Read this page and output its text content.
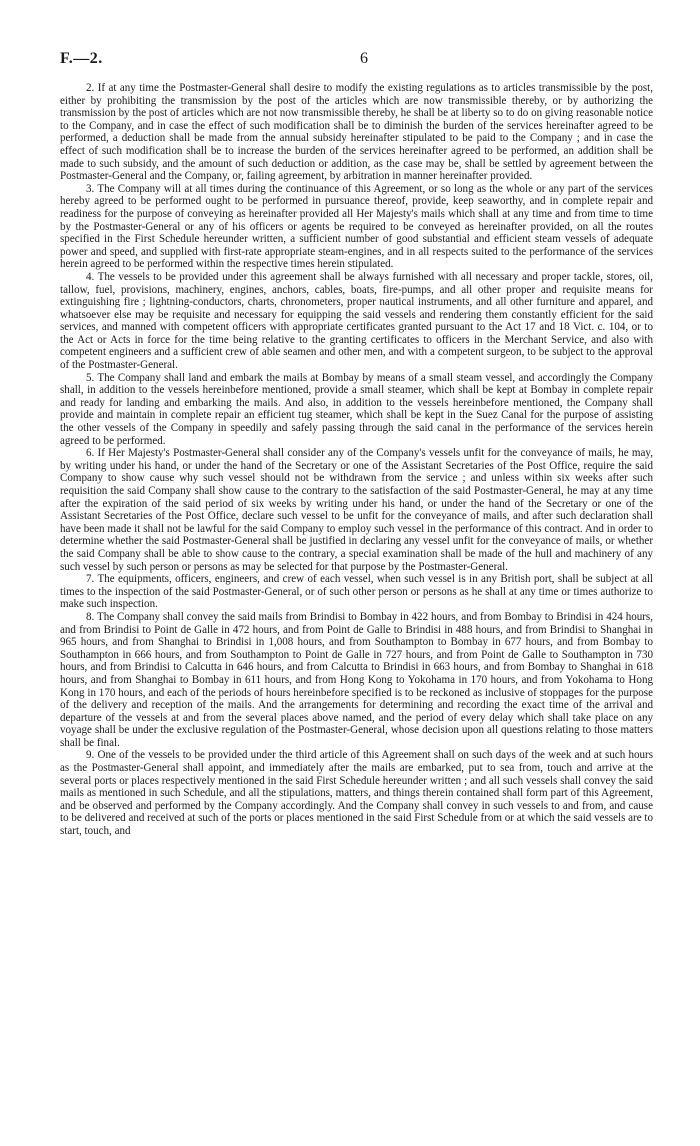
F.—2.	6

2. If at any time the Postmaster-General shall desire to modify the existing regulations as to articles transmissible by the post, either by prohibiting the transmission by the post of the articles which are now transmissible thereby, or by authorizing the transmission by the post of articles which are not now transmissible thereby, he shall be at liberty so to do on giving reasonable notice to the Company, and in case the effect of such modification shall be to diminish the burden of the services hereinafter agreed to be performed, a deduction shall be made from the annual subsidy hereinafter stipulated to be paid to the Company ; and in case the effect of such modification shall be to increase the burden of the services hereinafter agreed to be performed, an addition shall be made to such subsidy, and the amount of such deduction or addition, as the case may be, shall be settled by agreement between the Postmaster-General and the Company, or, failing agreement, by arbitration in manner hereinafter provided.

3. The Company will at all times during the continuance of this Agreement, or so long as the whole or any part of the services hereby agreed to be performed ought to be performed in pursuance thereof, provide, keep seaworthy, and in complete repair and readiness for the purpose of conveying as hereinafter provided all Her Majesty's mails which shall at any time and from time to time by the Postmaster-General or any of his officers or agents be required to be conveyed as hereinafter provided, on all the routes specified in the First Schedule hereunder written, a sufficient number of good substantial and efficient steam vessels of adequate power and speed, and supplied with first-rate appropriate steam-engines, and in all respects suited to the performance of the services herein agreed to be performed within the respective times herein stipulated.

4. The vessels to be provided under this agreement shall be always furnished with all necessary and proper tackle, stores, oil, tallow, fuel, provisions, machinery, engines, anchors, cables, boats, fire-pumps, and all other proper and requisite means for extinguishing fire ; lightning-conductors, charts, chronometers, proper nautical instruments, and all other furniture and apparel, and whatsoever else may be requisite and necessary for equipping the said vessels and rendering them constantly efficient for the said services, and manned with competent officers with appropriate certificates granted pursuant to the Act 17 and 18 Vict. c. 104, or to the Act or Acts in force for the time being relative to the granting certificates to officers in the Merchant Service, and also with competent engineers and a sufficient crew of able seamen and other men, and with a competent surgeon, to be subject to the approval of the Postmaster-General.

5. The Company shall land and embark the mails at Bombay by means of a small steam vessel, and accordingly the Company shall, in addition to the vessels hereinbefore mentioned, provide a small steamer, which shall be kept at Bombay in complete repair and ready for landing and embarking the mails. And also, in addition to the vessels hereinbefore mentioned, the Company shall provide and maintain in complete repair an efficient tug steamer, which shall be kept in the Suez Canal for the purpose of assisting the other vessels of the Company in speedily and safely passing through the said canal in the performance of the services herein agreed to be performed.

6. If Her Majesty's Postmaster-General shall consider any of the Company's vessels unfit for the conveyance of mails, he may, by writing under his hand, or under the hand of the Secretary or one of the Assistant Secretaries of the Post Office, require the said Company to show cause why such vessel should not be withdrawn from the service ; and unless within six weeks after such requisition the said Company shall show cause to the contrary to the satisfaction of the said Postmaster-General, he may at any time after the expiration of the said period of six weeks by writing under his hand, or under the hand of the Secretary or one of the Assistant Secretaries of the Post Office, declare such vessel to be unfit for the conveyance of mails, and after such declaration shall have been made it shall not be lawful for the said Company to employ such vessel in the performance of this contract. And in order to determine whether the said Postmaster-General shall be justified in declaring any vessel unfit for the conveyance of mails, or whether the said Company shall be able to show cause to the contrary, a special examination shall be made of the hull and machinery of any such vessel by such person or persons as may be selected for that purpose by the Postmaster-General.

7. The equipments, officers, engineers, and crew of each vessel, when such vessel is in any British port, shall be subject at all times to the inspection of the said Postmaster-General, or of such other person or persons as he shall at any time or times authorize to make such inspection.

8. The Company shall convey the said mails from Brindisi to Bombay in 422 hours, and from Bombay to Brindisi in 424 hours, and from Brindisi to Point de Galle in 472 hours, and from Point de Galle to Brindisi in 488 hours, and from Brindisi to Shanghai in 965 hours, and from Shanghai to Brindisi in 1,008 hours, and from Southampton to Bombay in 677 hours, and from Bombay to Southampton in 666 hours, and from Southampton to Point de Galle in 727 hours, and from Point de Galle to Southampton in 730 hours, and from Brindisi to Calcutta in 646 hours, and from Calcutta to Brindisi in 663 hours, and from Bombay to Shanghai in 618 hours, and from Shanghai to Bombay in 611 hours, and from Hong Kong to Yokohama in 170 hours, and from Yokohama to Hong Kong in 170 hours, and each of the periods of hours hereinbefore specified is to be reckoned as inclusive of stoppages for the purpose of the delivery and reception of the mails. And the arrangements for determining and recording the exact time of the arrival and departure of the vessels at and from the several places above named, and the period of every delay which shall take place on any voyage shall be under the exclusive regulation of the Postmaster-General, whose decision upon all questions relating to those matters shall be final.

9. One of the vessels to be provided under the third article of this Agreement shall on such days of the week and at such hours as the Postmaster-General shall appoint, and immediately after the mails are embarked, put to sea from, touch and arrive at the several ports or places respectively mentioned in the said First Schedule hereunder written ; and all such vessels shall convey the said mails as mentioned in such Schedule, and all the stipulations, matters, and things therein contained shall form part of this Agreement, and be observed and performed by the Company accordingly. And the Company shall convey in such vessels to and from, and cause to be delivered and received at such of the ports or places mentioned in the said First Schedule from or at which the said vessels are to start, touch, and
